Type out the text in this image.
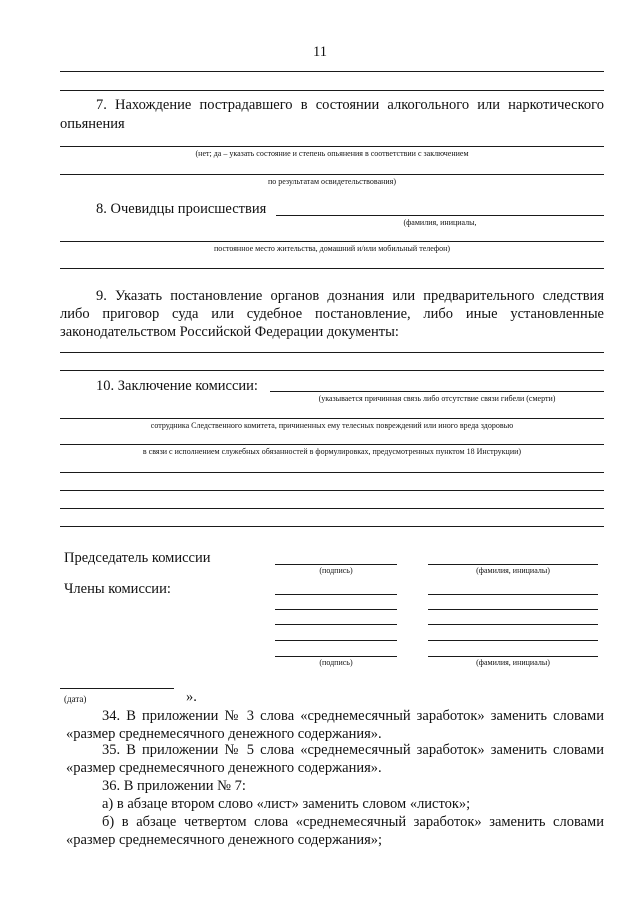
11
7. Нахождение пострадавшего в состоянии алкогольного или наркотического
опьянения
(нет; да – указать состояние и степень опьянения в соответствии с заключением
по результатам освидетельствования)
8. Очевидцы происшествия
(фамилия, инициалы,
постоянное место жительства, домашний и/или мобильный телефон)
9. Указать постановление органов дознания или предварительного следствия
либо приговор суда или судебное постановление, либо иные установленные
законодательством Российской Федерации документы:
10. Заключение комиссии:
(указывается причинная связь либо отсутствие связи гибели (смерти)
сотрудника Следственного комитета, причиненных ему телесных повреждений или иного вреда здоровью
в связи с исполнением служебных обязанностей в формулировках, предусмотренных пунктом 18 Инструкции)
Председатель комиссии
(подпись)	(фамилия, инициалы)
Члены комиссии:
(подпись)	(фамилия, инициалы)
(дата)	».
34. В приложении № 3 слова «среднемесячный заработок» заменить словами
«размер среднемесячного денежного содержания».
35. В приложении № 5 слова «среднемесячный заработок» заменить словами
«размер среднемесячного денежного содержания».
36. В приложении № 7:
а) в абзаце втором слово «лист» заменить словом «листок»;
б) в абзаце четвертом слова «среднемесячный заработок» заменить словами
«размер среднемесячного денежного содержания»;
